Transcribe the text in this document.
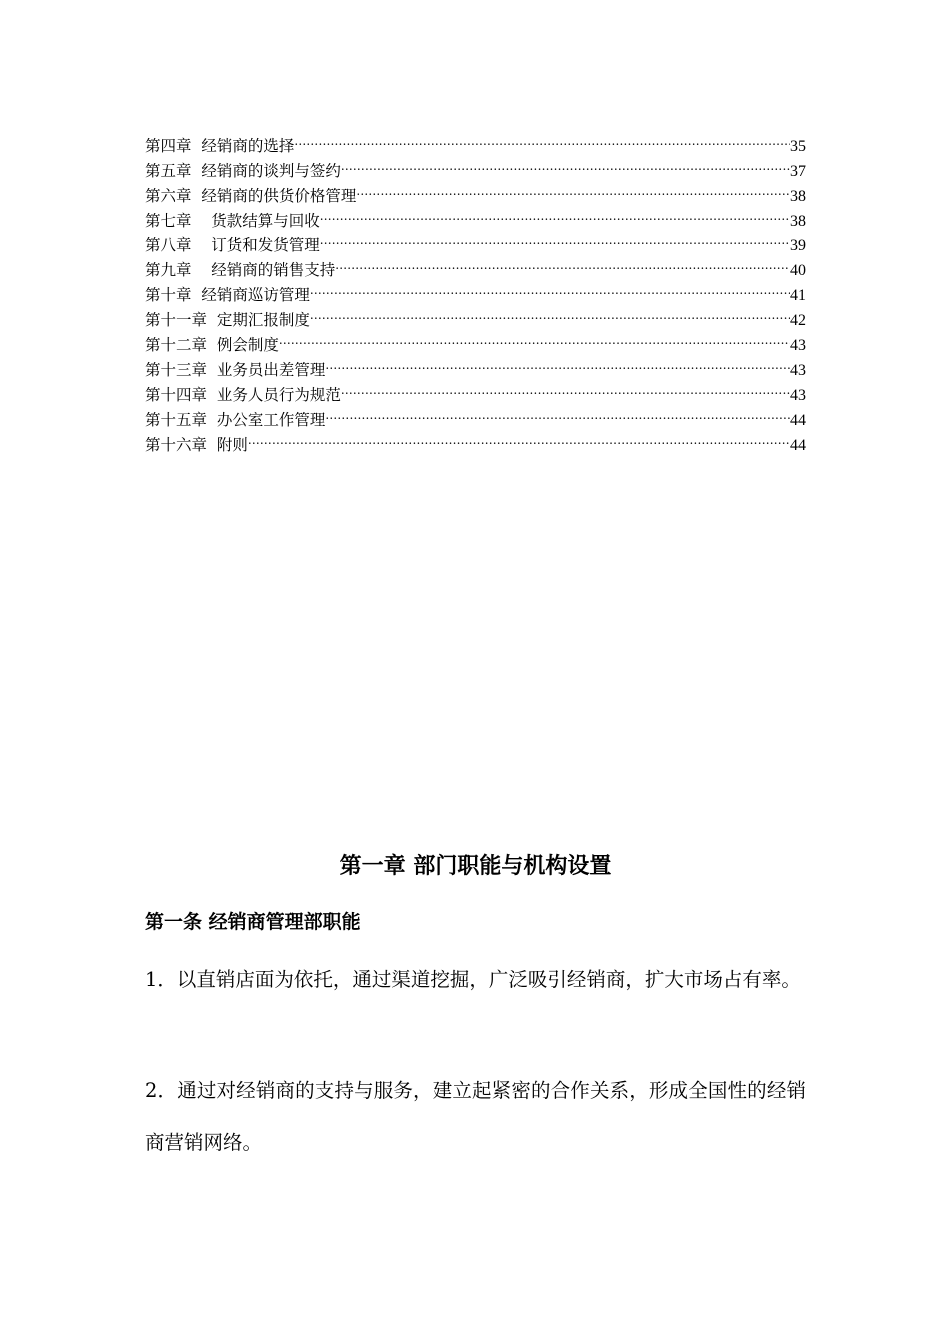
第四章  经销商的选择 .....	35
第五章  经销商的谈判与签约 .....	37
第六章  经销商的供货价格管理 .....	38
第七章    货款结算与回收 .....	38
第八章    订货和发货管理 .....	39
第九章    经销商的销售支持 .....	40
第十章  经销商巡访管理 .....	41
第十一章  定期汇报制度 .....	42
第十二章  例会制度 .....	43
第十三章  业务员出差管理 .....	43
第十四章  业务人员行为规范 .....	43
第十五章  办公室工作管理 .....	44
第十六章  附则 .....	44
第一章 部门职能与机构设置
第一条 经销商管理部职能

1．以直销店面为依托，通过渠道挖掘，广泛吸引经销商，扩大市场占有率。

2．通过对经销商的支持与服务，建立起紧密的合作关系，形成全国性的经销商营销网络。
